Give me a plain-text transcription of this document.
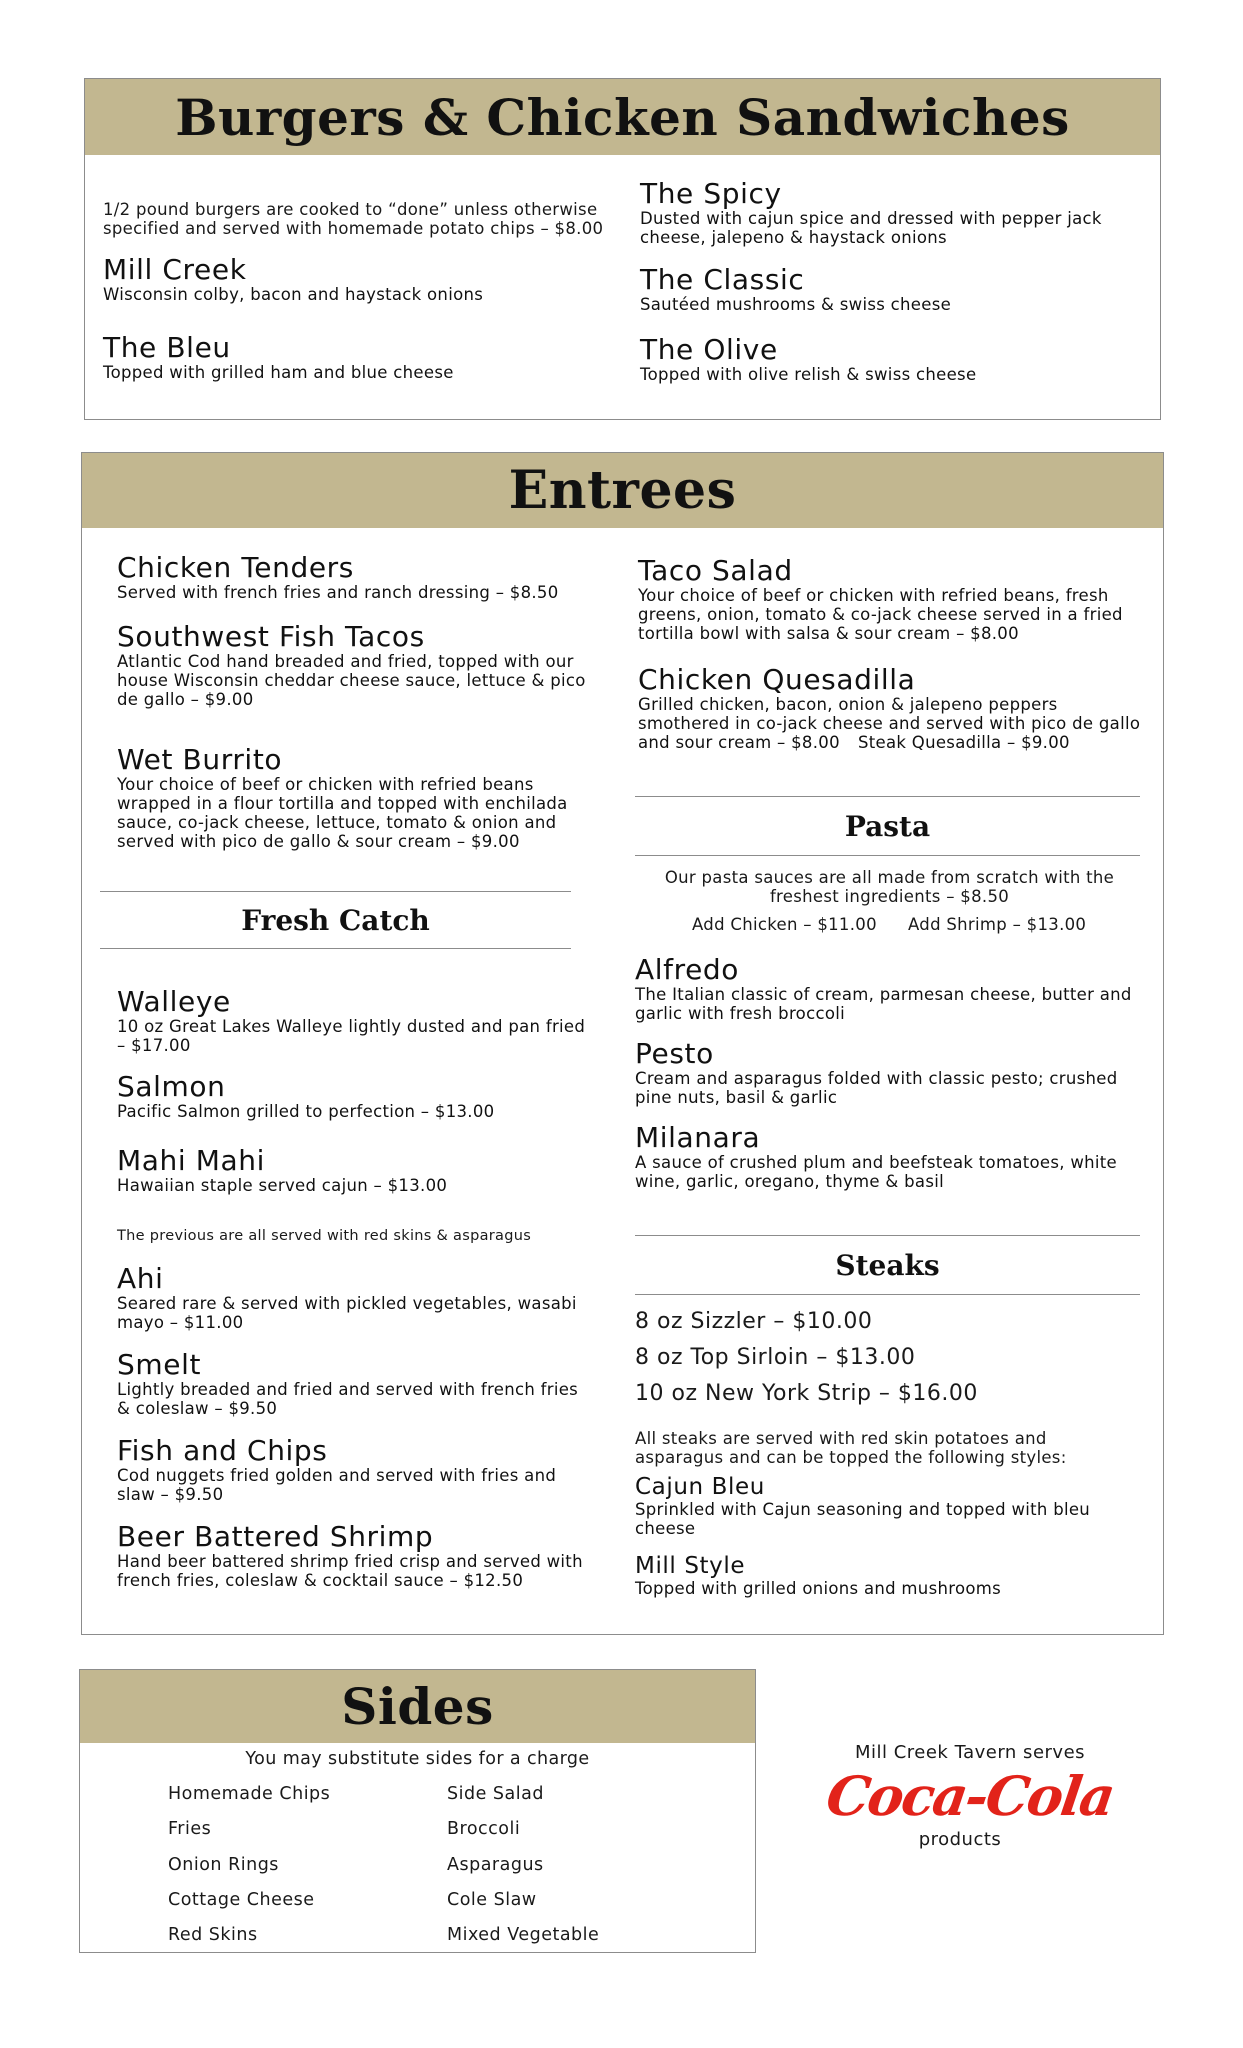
Burgers & Chicken Sandwiches
1/2 pound burgers are cooked to “done” unless otherwise specified and served with homemade potato chips – $8.00
Mill Creek
Wisconsin colby, bacon and haystack onions
The Bleu
Topped with grilled ham and blue cheese
The Spicy
Dusted with cajun spice and dressed with pepper jack cheese, jalepeno & haystack onions
The Classic
Sautéed mushrooms & swiss cheese
The Olive
Topped with olive relish & swiss cheese
Entrees
Chicken Tenders
Served with french fries and ranch dressing – $8.50
Southwest Fish Tacos
Atlantic Cod hand breaded and fried, topped with our house Wisconsin cheddar cheese sauce, lettuce & pico de gallo – $9.00
Wet Burrito
Your choice of beef or chicken with refried beans wrapped in a flour tortilla and topped with enchilada sauce, co-jack cheese, lettuce, tomato & onion and served with pico de gallo & sour cream – $9.00
Fresh Catch
Walleye
10 oz Great Lakes Walleye lightly dusted and pan fried – $17.00
Salmon
Pacific Salmon grilled to perfection – $13.00
Mahi Mahi
Hawaiian staple served cajun – $13.00
The previous are all served with red skins & asparagus
Ahi
Seared rare & served with pickled vegetables, wasabi mayo – $11.00
Smelt
Lightly breaded and fried and served with french fries & coleslaw – $9.50
Fish and Chips
Cod nuggets fried golden and served with fries and slaw – $9.50
Beer Battered Shrimp
Hand beer battered shrimp fried crisp and served with french fries, coleslaw & cocktail sauce – $12.50
Taco Salad
Your choice of beef or chicken with refried beans, fresh greens, onion, tomato & co-jack cheese served in a fried tortilla bowl with salsa & sour cream – $8.00
Chicken Quesadilla
Grilled chicken, bacon, onion & jalepeno peppers smothered in co-jack cheese and served with pico de gallo and sour cream – $8.00	Steak Quesadilla – $9.00
Pasta
Our pasta sauces are all made from scratch with the freshest ingredients – $8.50
Add Chicken – $11.00 Add Shrimp – $13.00
Alfredo
The Italian classic of cream, parmesan cheese, butter and garlic with fresh broccoli
Pesto
Cream and asparagus folded with classic pesto; crushed pine nuts, basil & garlic
Milanara
A sauce of crushed plum and beefsteak tomatoes, white wine, garlic, oregano, thyme & basil
Steaks
8 oz Sizzler – $10.00
8 oz Top Sirloin – $13.00
10 oz New York Strip – $16.00
All steaks are served with red skin potatoes and asparagus and can be topped the following styles:
Cajun Bleu
Sprinkled with Cajun seasoning and topped with bleu cheese
Mill Style
Topped with grilled onions and mushrooms
Sides
You may substitute sides for a charge
Homemade Chips
Fries
Onion Rings
Cottage Cheese
Red Skins
Side Salad
Broccoli
Asparagus
Cole Slaw
Mixed Vegetable
Mill Creek Tavern serves
Coca-Cola
products
